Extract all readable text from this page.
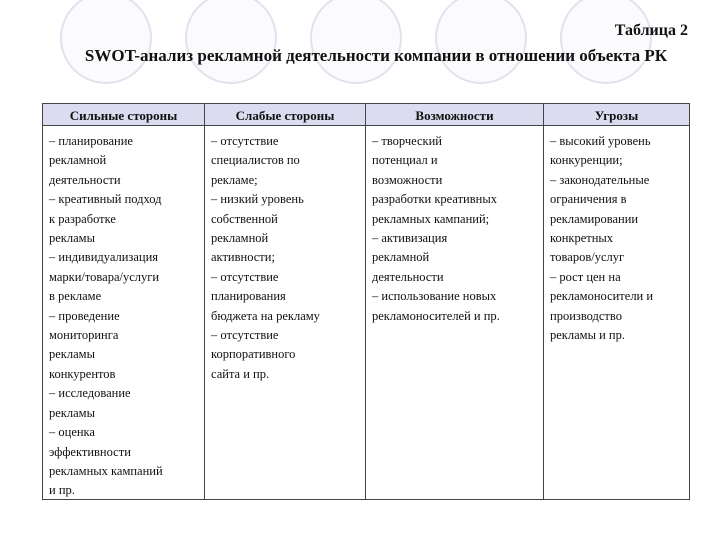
Таблица 2
SWOT-анализ рекламной деятельности компании в отношении объекта РК
Сильные стороны
– планирование
рекламной
деятельности
– креативный подход
к разработке
рекламы
– индивидуализация
марки/товара/услуги
в рекламе
– проведение
мониторинга
рекламы
конкурентов
– исследование
рекламы
– оценка
эффективности
рекламных кампаний
и пр.
Слабые стороны
– отсутствие
специалистов по
рекламе;
– низкий уровень
собственной
рекламной
активности;
– отсутствие
планирования
бюджета на рекламу
– отсутствие
корпоративного
сайта и пр.
Возможности
– творческий
потенциал и
возможности
разработки креативных
рекламных кампаний;
– активизация
рекламной
деятельности
– использование новых
рекламоносителей и пр.
Угрозы
– высокий уровень
конкуренции;
– законодательные
ограничения в
рекламировании
конкретных
товаров/услуг
– рост цен на
рекламоносители и
производство
рекламы и пр.
